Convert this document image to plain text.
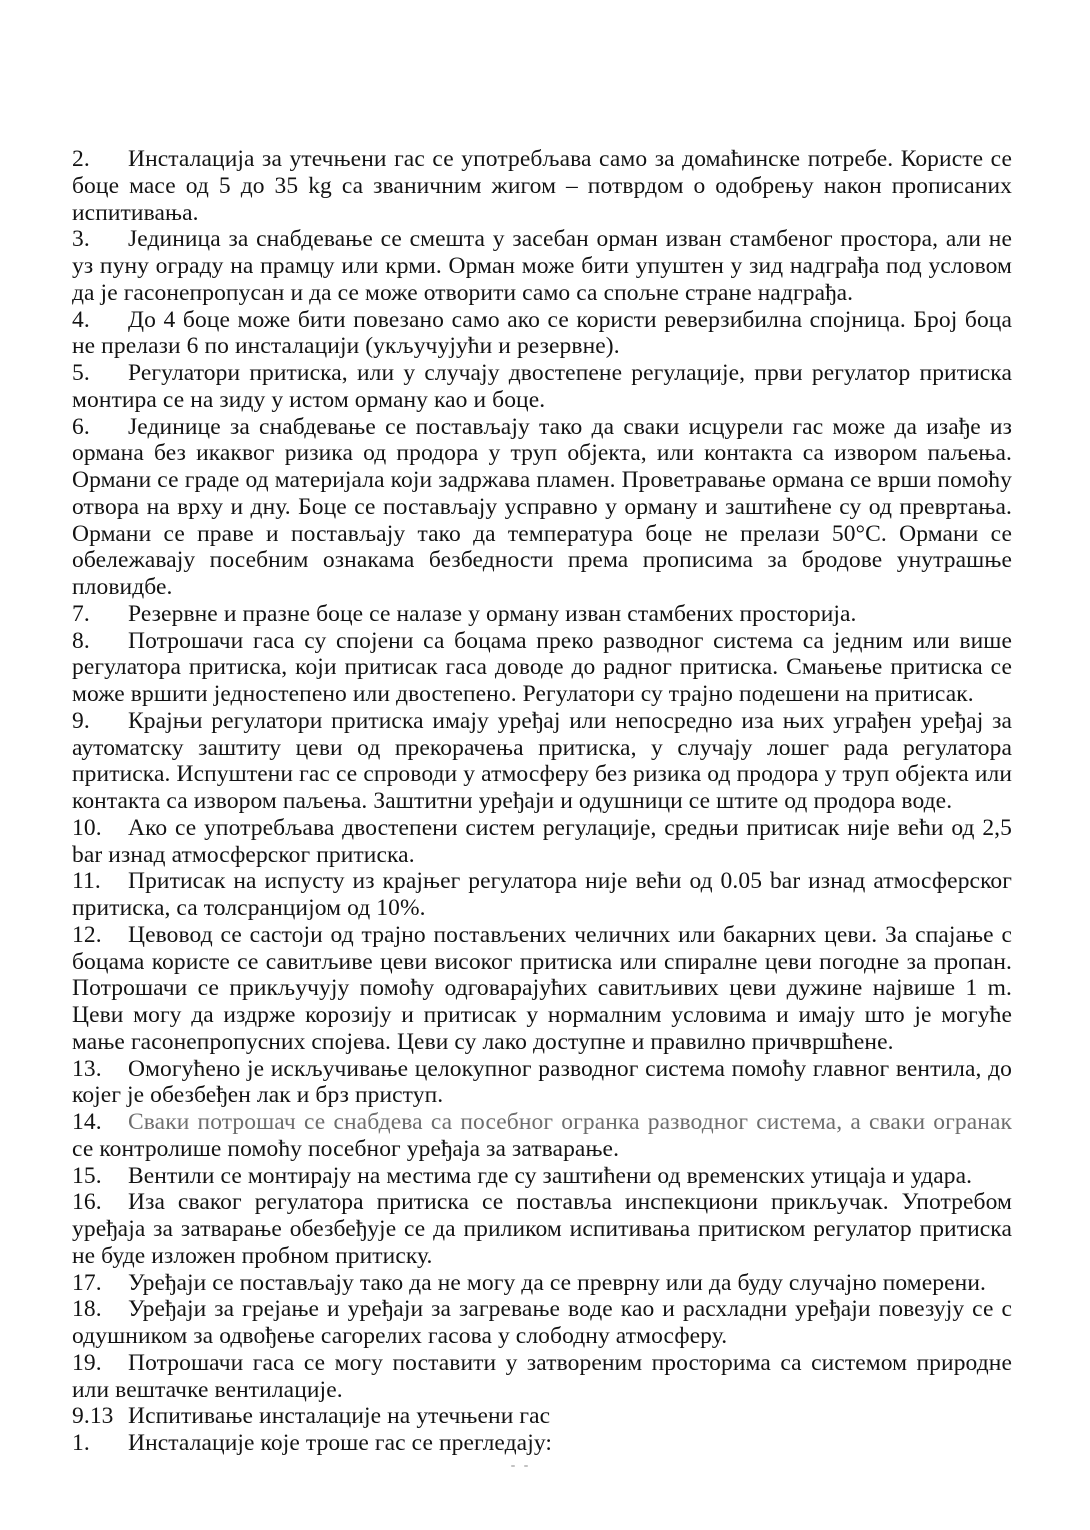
2. Инсталација за утечњени гас се употребљава само за домаћинске потребе. Користе се боце масе од 5 до 35 kg са званичним жигом – потврдом о одобрењу након прописаних испитивања.

3. Јединица за снабдевање се смешта у засебан орман изван стамбеног простора, али не уз пуну ограду на прамцу или крми. Орман може бити упуштен у зид надграђа под условом да је гасонепропусан и да се може отворити само са спољне стране надграђа.

4. До 4 боце може бити повезано само ако се користи реверзибилна спојница. Број боца не прелази 6 по инсталацији (укључујући и резервне).

5. Регулатори притиска, или у случају двостепене регулације, први регулатор притиска монтира се на зиду у истом орману као и боце.

6. Јединице за снабдевање се постављају тако да сваки исцурели гас може да изађе из ормана без икаквог ризика од продора у труп објекта, или контакта са извором паљења. Ормани се граде од материјала који задржава пламен. Проветравање ормана се врши помоћу отвора на врху и дну. Боце се постављају усправно у орману и заштићене су од превртања. Ормани се праве и постављају тако да температура боце не прелази 50°C. Ормани се обележавају посебним ознакама безбедности према прописима за бродове унутрашње пловидбе.

7. Резервне и празне боце се налазе у орману изван стамбених просторија.

8. Потрошачи гаса су спојени са боцама преко разводног система са једним или више регулатора притиска, који притисак гаса доводе до радног притиска. Смањење притиска се може вршити једностепено или двостепено. Регулатори су трајно подешени на притисак.

9. Крајњи регулатори притиска имају уређај или непосредно иза њих уграђен уређај за аутоматску заштиту цеви од прекорачења притиска, у случају лошег рада регулатора притиска. Испуштени гас се спроводи у атмосферу без ризика од продора у труп објекта или контакта са извором паљења. Заштитни уређаји и одушници се штите од продора воде.

10. Ако се употребљава двостепени систем регулације, средњи притисак није већи од 2,5 bar изнад атмосферског притиска.

11. Притисак на испусту из крајњег регулатора није већи од 0.05 bar изнад атмосферског притиска, са толсранцијом од 10%.

12. Цевовод се састоји од трајно постављених челичних или бакарних цеви. За спајање с боцама користе се савитљиве цеви високог притиска или спиралне цеви погодне за пропан. Потрошачи се прикључују помоћу одговарајућих савитљивих цеви дужине највише 1 m. Цеви могу да издрже корозију и притисак у нормалним условима и имају што је могуће мање гасонепропусних спојева. Цеви су лако доступне и правилно причвршћене.

13. Омогућено је искључивање целокупног разводног система помоћу главног вентила, до којег је обезбеђен лак и брз приступ.

14. Сваки потрошач се снабдева са посебног огранка разводног система, а сваки огранак се контролише помоћу посебног уређаја за затварање.

15. Вентили се монтирају на местима где су заштићени од временских утицаја и удара.

16. Иза сваког регулатора притиска се поставља инспекциони прикључак. Употребом уређаја за затварање обезбеђује се да приликом испитивања притиском регулатор притиска не буде изложен пробном притиску.

17. Уређаји се постављају тако да не могу да се преврну или да буду случајно померени.

18. Уређаји за грејање и уређаји за загревање воде као и расхладни уређаји повезују се с одушником за одвођење сагорелих гасова у слободну атмосферу.

19. Потрошачи гаса се могу поставити у затвореним просторима са системом природне или вештачке вентилације.

9.13 Испитивање инсталације на утечњени гас

1. Инсталације које троше гас се прегледају:
